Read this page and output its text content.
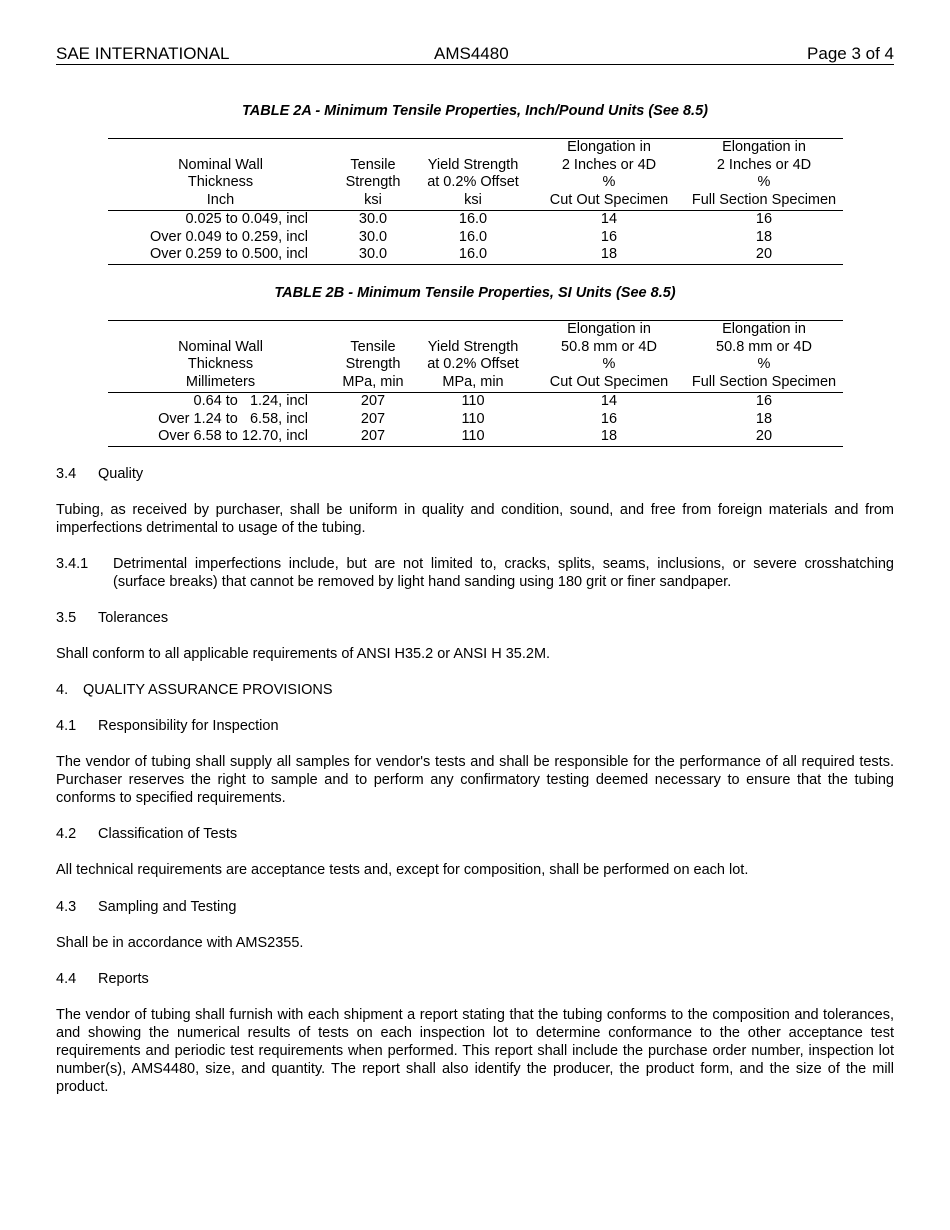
SAE INTERNATIONAL	AMS4480	Page 3 of 4
TABLE 2A - Minimum Tensile Properties, Inch/Pound Units (See 8.5)
			Elongation in	Elongation in
Nominal Wall	Tensile	Yield Strength	2 Inches or 4D	2 Inches or 4D
Thickness	Strength	at 0.2% Offset	%	%
Inch	ksi	ksi	Cut Out Specimen	Full Section Specimen
0.025 to 0.049, incl	30.0	16.0	14	16
Over 0.049 to 0.259, incl	30.0	16.0	16	18
Over 0.259 to 0.500, incl	30.0	16.0	18	20
TABLE 2B - Minimum Tensile Properties, SI Units (See 8.5)
			Elongation in	Elongation in
Nominal Wall	Tensile	Yield Strength	50.8 mm or 4D	50.8 mm or 4D
Thickness	Strength	at 0.2% Offset	%	%
Millimeters	MPa, min	MPa, min	Cut Out Specimen	Full Section Specimen
0.64 to   1.24, incl	207	110	14	16
Over 1.24 to   6.58, incl	207	110	16	18
Over 6.58 to 12.70, incl	207	110	18	20
3.4 Quality
Tubing, as received by purchaser, shall be uniform in quality and condition, sound, and free from foreign materials and from imperfections detrimental to usage of the tubing.
3.4.1	Detrimental imperfections include, but are not limited to, cracks, splits, seams, inclusions, or severe crosshatching (surface breaks) that cannot be removed by light hand sanding using 180 grit or finer sandpaper.
3.5 Tolerances
Shall conform to all applicable requirements of ANSI H35.2 or ANSI H 35.2M.
4. QUALITY ASSURANCE PROVISIONS
4.1 Responsibility for Inspection
The vendor of tubing shall supply all samples for vendor's tests and shall be responsible for the performance of all required tests. Purchaser reserves the right to sample and to perform any confirmatory testing deemed necessary to ensure that the tubing conforms to specified requirements.
4.2 Classification of Tests
All technical requirements are acceptance tests and, except for composition, shall be performed on each lot.
4.3 Sampling and Testing
Shall be in accordance with AMS2355.
4.4 Reports
The vendor of tubing shall furnish with each shipment a report stating that the tubing conforms to the composition and tolerances, and showing the numerical results of tests on each inspection lot to determine conformance to the other acceptance test requirements and periodic test requirements when performed. This report shall include the purchase order number, inspection lot number(s), AMS4480, size, and quantity. The report shall also identify the producer, the product form, and the size of the mill product.
